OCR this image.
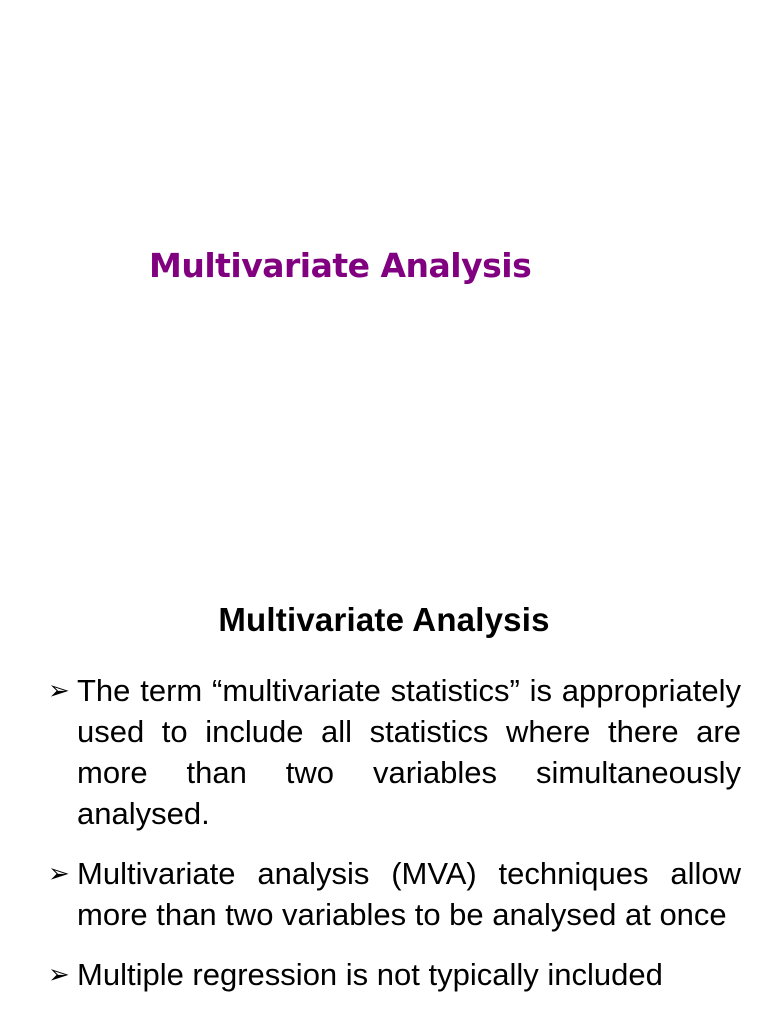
Multivariate Analysis
Multivariate Analysis
➢ The term “multivariate statistics” is appropriately used to include all statistics where there are more than two variables simultaneously analysed.
➢ Multivariate analysis (MVA) techniques allow more than two variables to be analysed at once
➢ Multiple regression is not typically included
